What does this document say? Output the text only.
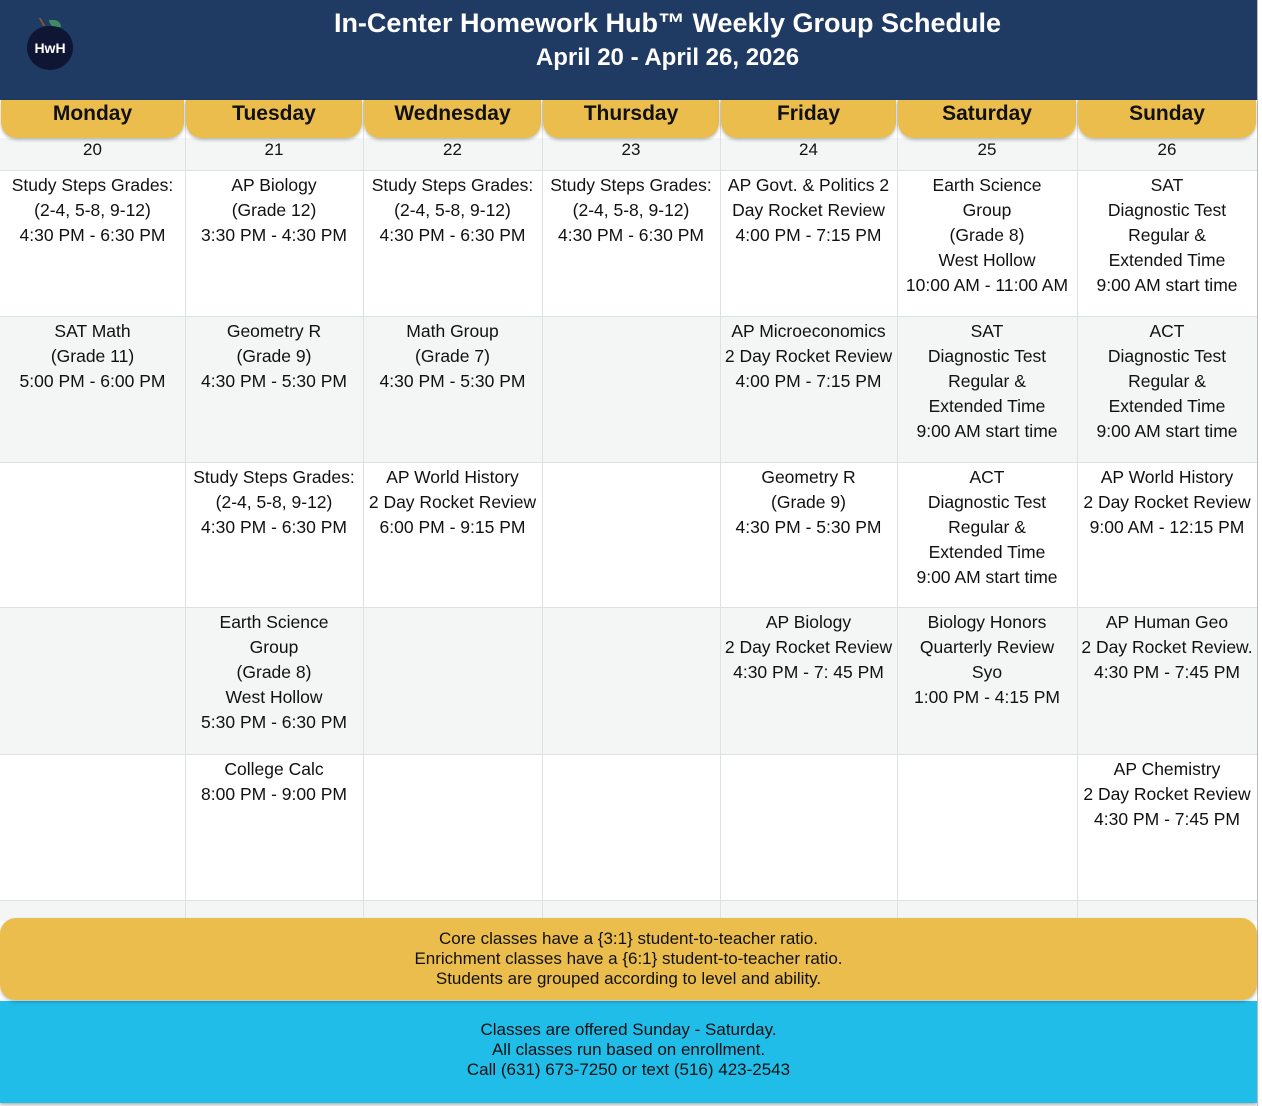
HwH
In-Center Homework Hub™ Weekly Group Schedule
April 20 - April 26, 2026
Monday
20
Study Steps Grades:
(2-4, 5-8, 9-12)
4:30 PM - 6:30 PM
SAT Math
(Grade 11)
5:00 PM - 6:00 PM
Tuesday
21
AP Biology
(Grade 12)
3:30 PM - 4:30 PM
Geometry R
(Grade 9)
4:30 PM - 5:30 PM
Study Steps Grades:
(2-4, 5-8, 9-12)
4:30 PM - 6:30 PM
Earth Science
Group
(Grade 8)
West Hollow
5:30 PM - 6:30 PM
College Calc
8:00 PM - 9:00 PM
Wednesday
22
Study Steps Grades:
(2-4, 5-8, 9-12)
4:30 PM - 6:30 PM
Math Group
(Grade 7)
4:30 PM - 5:30 PM
AP World History
2 Day Rocket Review
6:00 PM - 9:15 PM
Thursday
23
Study Steps Grades:
(2-4, 5-8, 9-12)
4:30 PM - 6:30 PM
Friday
24
AP Govt. & Politics 2
Day Rocket Review
4:00 PM - 7:15 PM
AP Microeconomics
2 Day Rocket Review
4:00 PM - 7:15 PM
Geometry R
(Grade 9)
4:30 PM - 5:30 PM
AP Biology
2 Day Rocket Review
4:30 PM - 7: 45 PM
Saturday
25
Earth Science
Group
(Grade 8)
West Hollow
10:00 AM - 11:00 AM
SAT
Diagnostic Test
Regular &
Extended Time
9:00 AM start time
ACT
Diagnostic Test
Regular &
Extended Time
9:00 AM start time
Biology Honors
Quarterly Review
Syo
1:00 PM - 4:15 PM
Sunday
26
SAT
Diagnostic Test
Regular &
Extended Time
9:00 AM start time
ACT
Diagnostic Test
Regular &
Extended Time
9:00 AM start time
AP World History
2 Day Rocket Review
9:00 AM - 12:15 PM
AP Human Geo
2 Day Rocket Review.
4:30 PM - 7:45 PM
AP Chemistry
2 Day Rocket Review
4:30 PM - 7:45 PM
Core classes have a {3:1} student-to-teacher ratio.
Enrichment classes have a {6:1} student-to-teacher ratio.
Students are grouped according to level and ability.
Classes are offered Sunday - Saturday.
All classes run based on enrollment.
Call (631) 673-7250 or text (516) 423-2543
